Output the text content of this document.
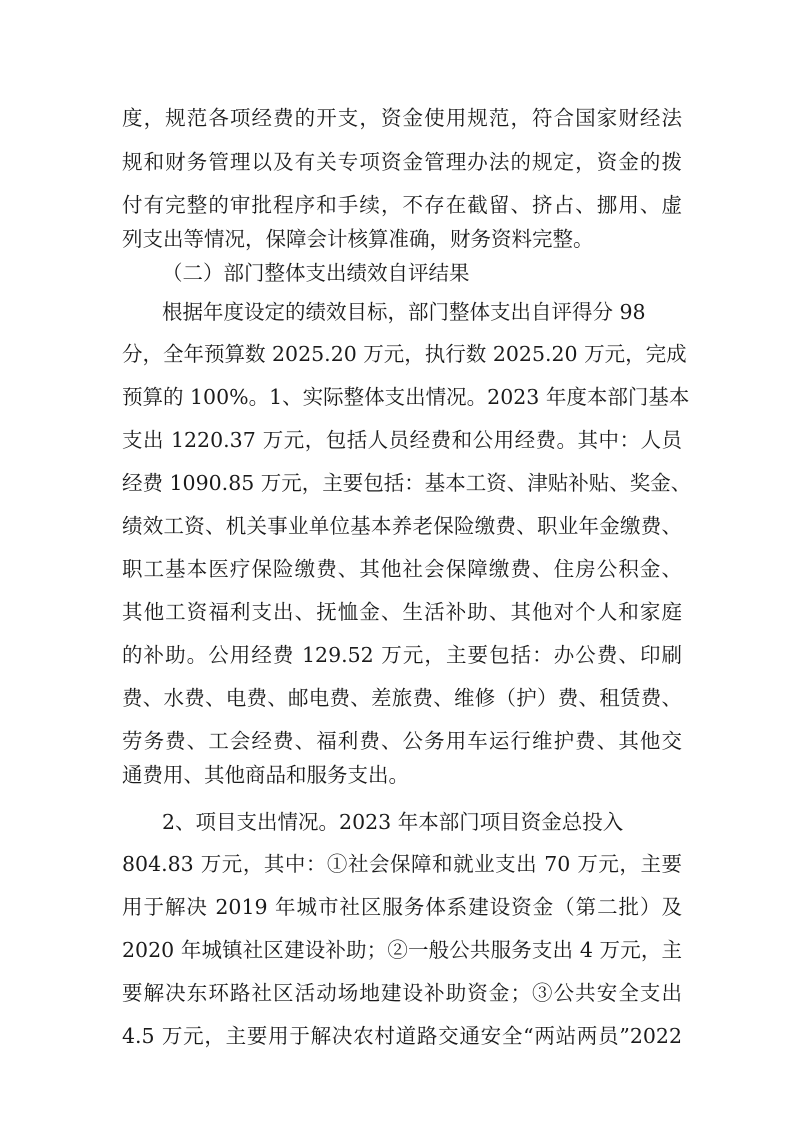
度，规范各项经费的开支，资金使用规范，符合国家财经法
规和财务管理以及有关专项资金管理办法的规定，资金的拨
付有完整的审批程序和手续，不存在截留、挤占、挪用、虚
列支出等情况，保障会计核算准确，财务资料完整。
（二）部门整体支出绩效自评结果
根据年度设定的绩效目标，部门整体支出自评得分 98
分，全年预算数 2025.20 万元，执行数 2025.20 万元，完成
预算的 100%。1、实际整体支出情况。2023 年度本部门基本
支出 1220.37 万元，包括人员经费和公用经费。其中：人员
经费 1090.85 万元，主要包括：基本工资、津贴补贴、奖金、
绩效工资、机关事业单位基本养老保险缴费、职业年金缴费、
职工基本医疗保险缴费、其他社会保障缴费、住房公积金、
其他工资福利支出、抚恤金、生活补助、其他对个人和家庭
的补助。公用经费 129.52 万元，主要包括：办公费、印刷
费、水费、电费、邮电费、差旅费、维修（护）费、租赁费、
劳务费、工会经费、福利费、公务用车运行维护费、其他交
通费用、其他商品和服务支出。
2、项目支出情况。2023 年本部门项目资金总投入
804.83 万元，其中：①社会保障和就业支出 70 万元，主要
用于解决 2019 年城市社区服务体系建设资金（第二批）及
2020 年城镇社区建设补助；②一般公共服务支出 4 万元，主
要解决东环路社区活动场地建设补助资金；③公共安全支出
4.5 万元，主要用于解决农村道路交通安全“两站两员”2022
